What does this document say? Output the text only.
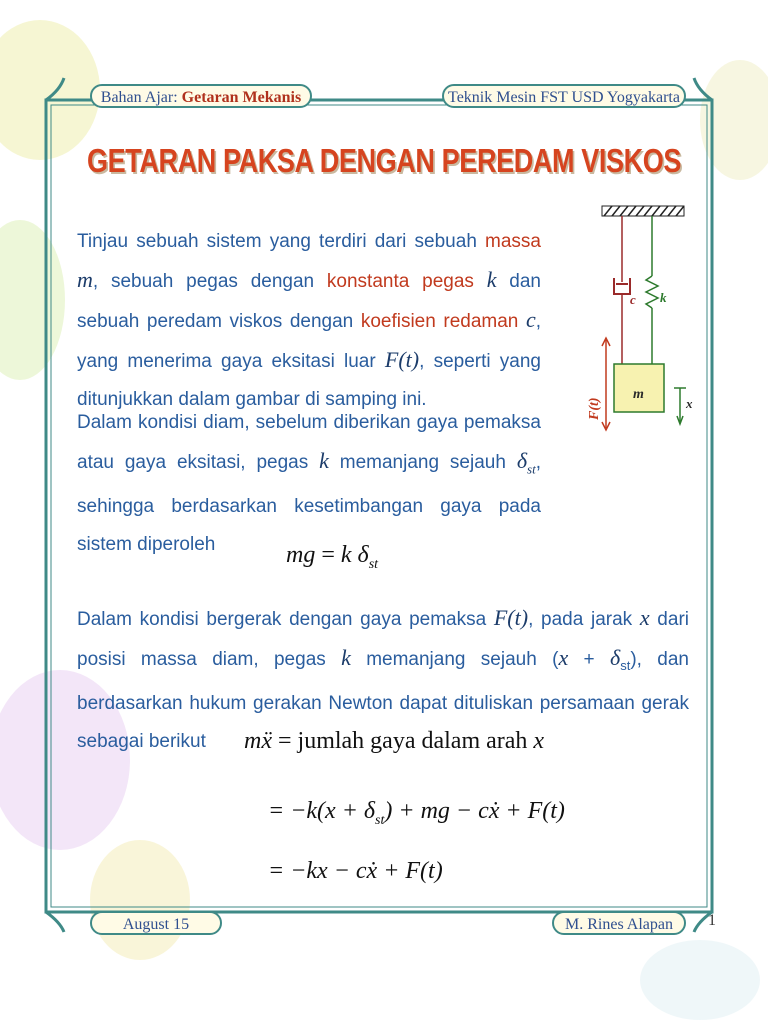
Bahan Ajar: Getaran Mekanis	Teknik Mesin FST USD Yogyakarta
GETARAN PAKSA DENGAN PEREDAM VISKOS
Tinjau sebuah sistem yang terdiri dari sebuah massa m, sebuah pegas dengan konstanta pegas k dan sebuah peredam viskos dengan koefisien redaman c, yang menerima gaya eksitasi luar F(t), seperti yang ditunjukkan dalam gambar di samping ini.
Dalam kondisi diam, sebelum diberikan gaya pemaksa atau gaya eksitasi, pegas k memanjang sejauh $\delta_{st}$, sehingga berdasarkan kesetimbangan gaya pada sistem diperoleh	mg = k $\delta_{st}$
Dalam kondisi bergerak dengan gaya pemaksa F(t), pada jarak x dari posisi massa diam, pegas k memanjang sejauh $(x + \delta_{st})$, dan berdasarkan hukum gerakan Newton dapat dituliskan persamaan gerak sebagai berikut	mẍ = jumlah gaya dalam arah x
= $-k(x + \delta_{st})$ + mg − cẋ + F(t)
= −kx − cẋ + F(t)
c k
m
F(t)	x
August 15	M. Rines Alapan	1
